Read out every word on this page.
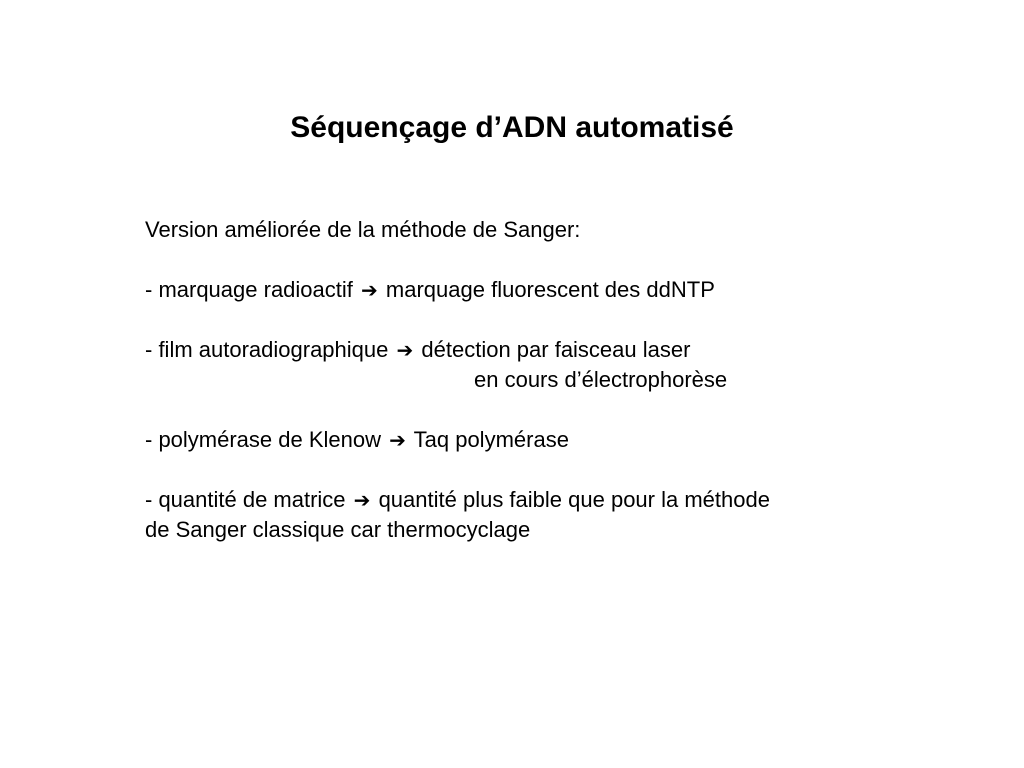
Séquençage d’ADN automatisé
Version améliorée de la méthode de Sanger:
- marquage radioactif ➔ marquage fluorescent des ddNTP
- film autoradiographique ➔ détection par faisceau laser
en cours d’électrophorèse
- polymérase de Klenow ➔ Taq polymérase
- quantité de matrice ➔ quantité plus faible que pour la méthode
de Sanger classique car thermocyclage
